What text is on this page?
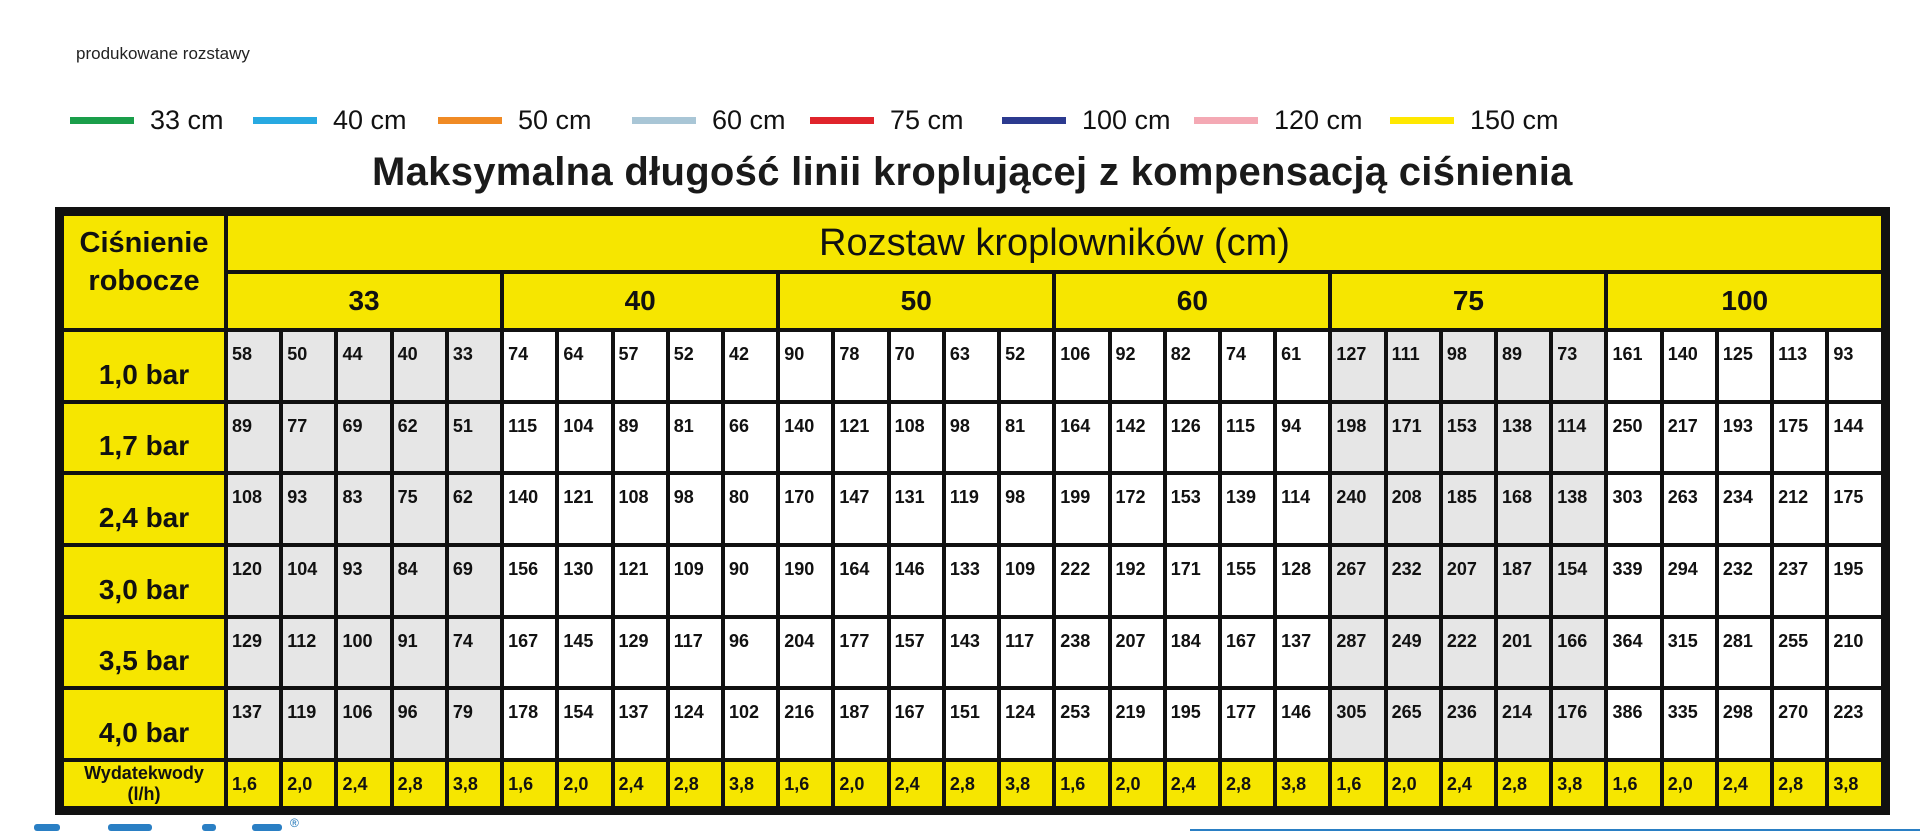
produkowane rozstawy
33 cm	40 cm	50 cm	60 cm	75 cm	100 cm	120 cm	150 cm
Maksymalna długość linii kroplującej z kompensacją ciśnienia
Ciśnienie
robocze	Rozstaw kroplowników (cm)																													
	33					40					50					60					75					100				
1,0 bar	58	50	44	40	33	74	64	57	52	42	90	78	70	63	52	106	92	82	74	61	127	111	98	89	73	161	140	125	113	93
1,7 bar	89	77	69	62	51	115	104	89	81	66	140	121	108	98	81	164	142	126	115	94	198	171	153	138	114	250	217	193	175	144
2,4 bar	108	93	83	75	62	140	121	108	98	80	170	147	131	119	98	199	172	153	139	114	240	208	185	168	138	303	263	234	212	175
3,0 bar	120	104	93	84	69	156	130	121	109	90	190	164	146	133	109	222	192	171	155	128	267	232	207	187	154	339	294	232	237	195
3,5 bar	129	112	100	91	74	167	145	129	117	96	204	177	157	143	117	238	207	184	167	137	287	249	222	201	166	364	315	281	255	210
4,0 bar	137	119	106	96	79	178	154	137	124	102	216	187	167	151	124	253	219	195	177	146	305	265	236	214	176	386	335	298	270	223

Wydatekwody
(l/h)	1,6	2,0	2,4	2,8	3,8	1,6	2,0	2,4	2,8	3,8	1,6	2,0	2,4	2,8	3,8	1,6	2,0	2,4	2,8	3,8	1,6	2,0	2,4	2,8	3,8	1,6	2,0	2,4	2,8	3,8
®
